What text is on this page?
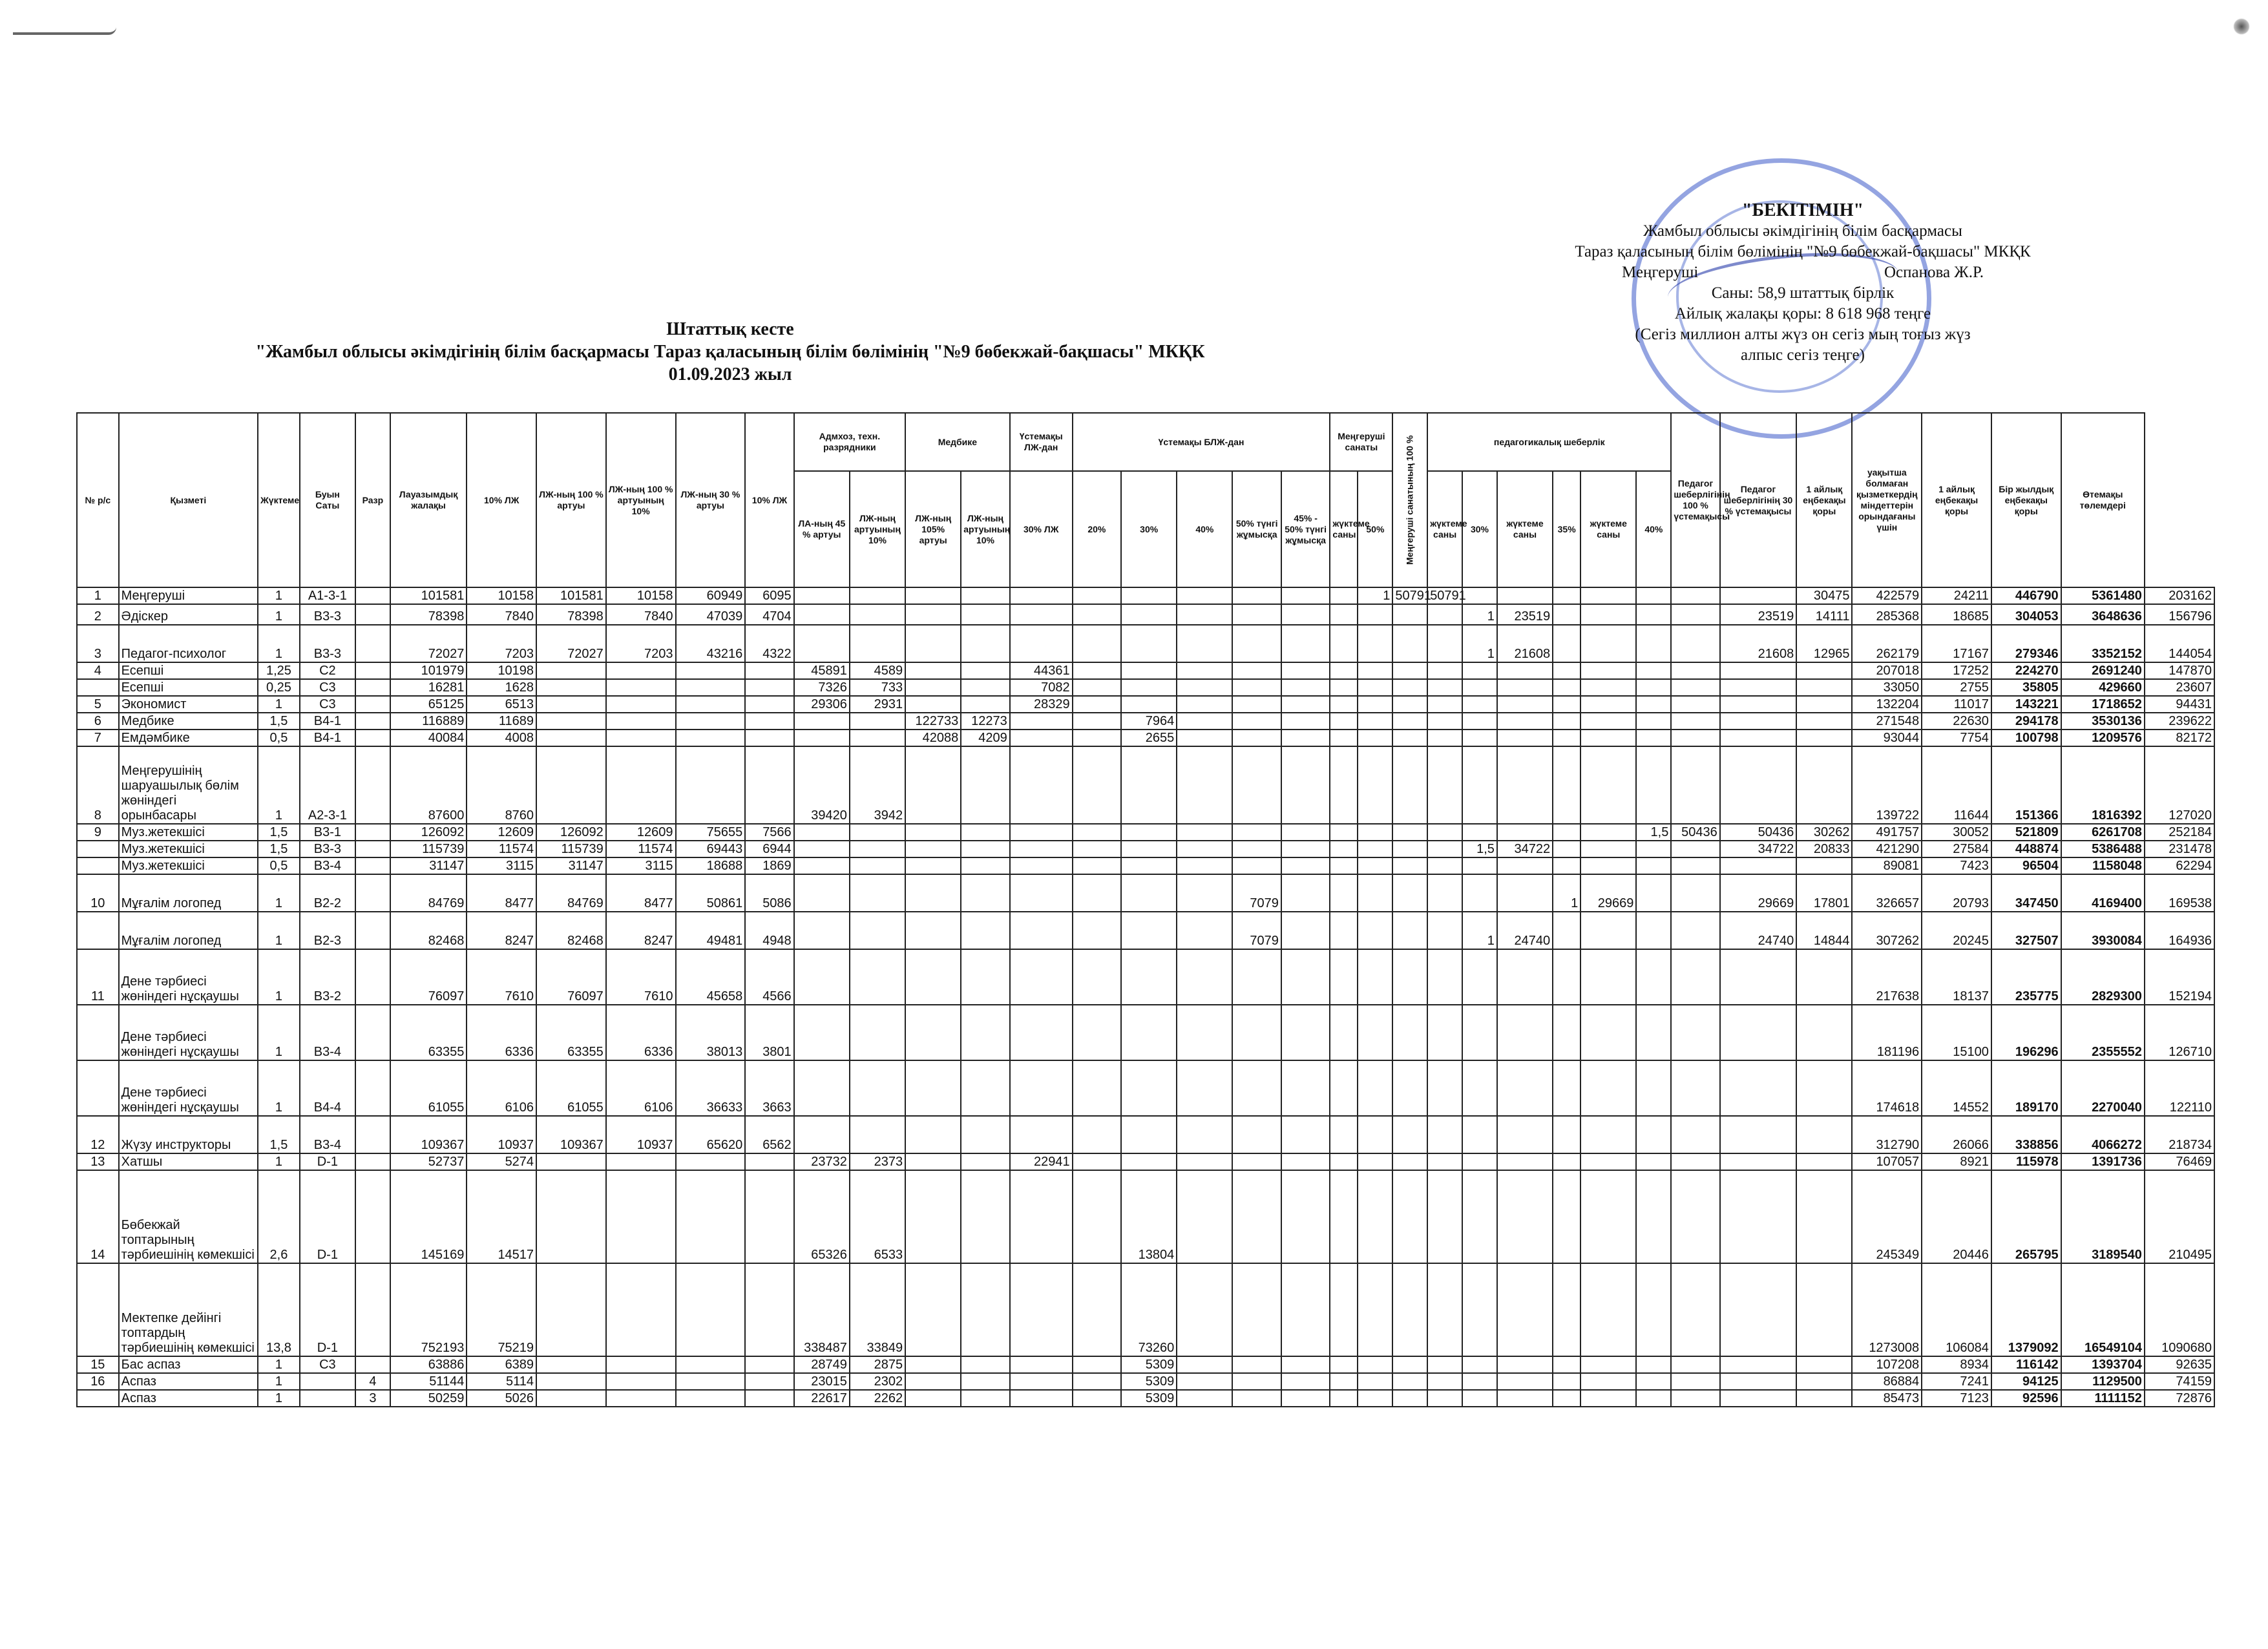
"БЕКІТІМІН"
Жамбыл облысы әкімдігінің білім басқармасы
Тараз қаласының білім бөлімінің "№9 бөбекжай-бақшасы" МКҚК
Меңгеруші	Оспанова Ж.Р.
Саны: 58,9 штаттық бірлік
Айлық жалақы қоры: 8 618 968 теңге
(Сегіз миллион алты жүз он сегіз мың тоғыз жүз
алпыс сегіз теңге)
Штаттық кесте
"Жамбыл облысы әкімдігінің білім басқармасы Тараз қаласының білім бөлімінің "№9 бөбекжай-бақшасы" МКҚК
01.09.2023 жыл
№ р/с	Қызметі	Жүктеме	Буын Саты	Разр	Лауазымдық жалақы	10% ЛЖ	ЛЖ-ның 100 % артуы	ЛЖ-ның 100 % артуының 10%	ЛЖ-ның 30 % артуы	10% ЛЖ	Адмхоз, техн. разрядники		Медбике		Үстемақы ЛЖ-дан	Үстемақы БЛЖ-дан					Меңгеруші санаты		Меңгеруші санатының 100 %	педагогикалық шеберлік						Педагог шеберлігінің 100 % үстемақысы	Педагог шеберлігінің 30 % үстемақысы	1 айлық еңбекақы қоры	уақытша болмаған қызметкердің міндеттерін орындағаны үшін	1 айлық еңбекақы қоры	Бір жылдық еңбекақы қоры	Өтемақы төлемдері	
											ЛА-ның 45 % артуы	ЛЖ-ның артуының 10%	ЛЖ-ның 105% артуы	ЛЖ-ның артуының 10%	30% ЛЖ	20%	30%	40%	50% түнгі жұмысқа	45% - 50% түнгі жұмысқа	жүктеме саны	50%		жүктеме саны	30%	жүктеме саны	35%	жүктеме саны	40%								
1	Меңгеруші	1	А1-3-1		101581	10158	101581	10158	60949	6095												1	50791	50791								30475	422579	24211	446790	5361480	203162
2	Әдіскер	1	В3-3		78398	7840	78398	7840	47039	4704															1	23519					23519	14111	285368	18685	304053	3648636	156796
3	Педагог-психолог	1	В3-3		72027	7203	72027	7203	43216	4322															1	21608					21608	12965	262179	17167	279346	3352152	144054
4	Есепші	1,25	С2		101979	10198					45891	4589			44361																		207018	17252	224270	2691240	147870
	Есепші	0,25	С3		16281	1628					7326	733			7082																		33050	2755	35805	429660	23607
5	Экономист	1	С3		65125	6513					29306	2931			28329																		132204	11017	143221	1718652	94431
6	Медбике	1,5	В4-1		116889	11689							122733	12273			7964																271548	22630	294178	3530136	239622
7	Емдәмбике	0,5	В4-1		40084	4008							42088	4209			2655																93044	7754	100798	1209576	82172
8	Меңгерушінің шаруашылық бөлім жөніндегі орынбасары	1	А2-3-1		87600	8760					39420	3942																					139722	11644	151366	1816392	127020
9	Муз.жетекшісі	1,5	В3-1		126092	12609	126092	12609	75655	7566																			1,5	50436	50436	30262	491757	30052	521809	6261708	252184
	Муз.жетекшісі	1,5	В3-3		115739	11574	115739	11574	69443	6944															1,5	34722					34722	20833	421290	27584	448874	5386488	231478
	Муз.жетекшісі	0,5	В3-4		31147	3115	31147	3115	18688	1869																							89081	7423	96504	1158048	62294
10	Мұғалім логопед	1	В2-2		84769	8477	84769	8477	50861	5086									7079								1	29669			29669	17801	326657	20793	347450	4169400	169538
	Мұғалім логопед	1	В2-3		82468	8247	82468	8247	49481	4948									7079						1	24740					24740	14844	307262	20245	327507	3930084	164936
11	Дене тәрбиесі жөніндегі нұсқаушы	1	В3-2		76097	7610	76097	7610	45658	4566																							217638	18137	235775	2829300	152194
	Дене тәрбиесі жөніндегі нұсқаушы	1	В3-4		63355	6336	63355	6336	38013	3801																							181196	15100	196296	2355552	126710
	Дене тәрбиесі жөніндегі нұсқаушы	1	В4-4		61055	6106	61055	6106	36633	3663																							174618	14552	189170	2270040	122110
12	Жүзу инструкторы	1,5	В3-4		109367	10937	109367	10937	65620	6562																							312790	26066	338856	4066272	218734
13	Хатшы	1	D-1		52737	5274					23732	2373			22941																		107057	8921	115978	1391736	76469
14	Бөбекжай топтарының тәрбиешінің көмекшісі	2,6	D-1		145169	14517					65326	6533					13804																245349	20446	265795	3189540	210495
	Мектепке дейінгі топтардың тәрбиешінің көмекшісі	13,8	D-1		752193	75219					338487	33849					73260																1273008	106084	1379092	16549104	1090680
15	Бас аспаз	1	С3		63886	6389					28749	2875					5309																107208	8934	116142	1393704	92635
16	Аспаз	1		4	51144	5114					23015	2302					5309																86884	7241	94125	1129500	74159
	Аспаз	1		3	50259	5026					22617	2262					5309																85473	7123	92596	1111152	72876
